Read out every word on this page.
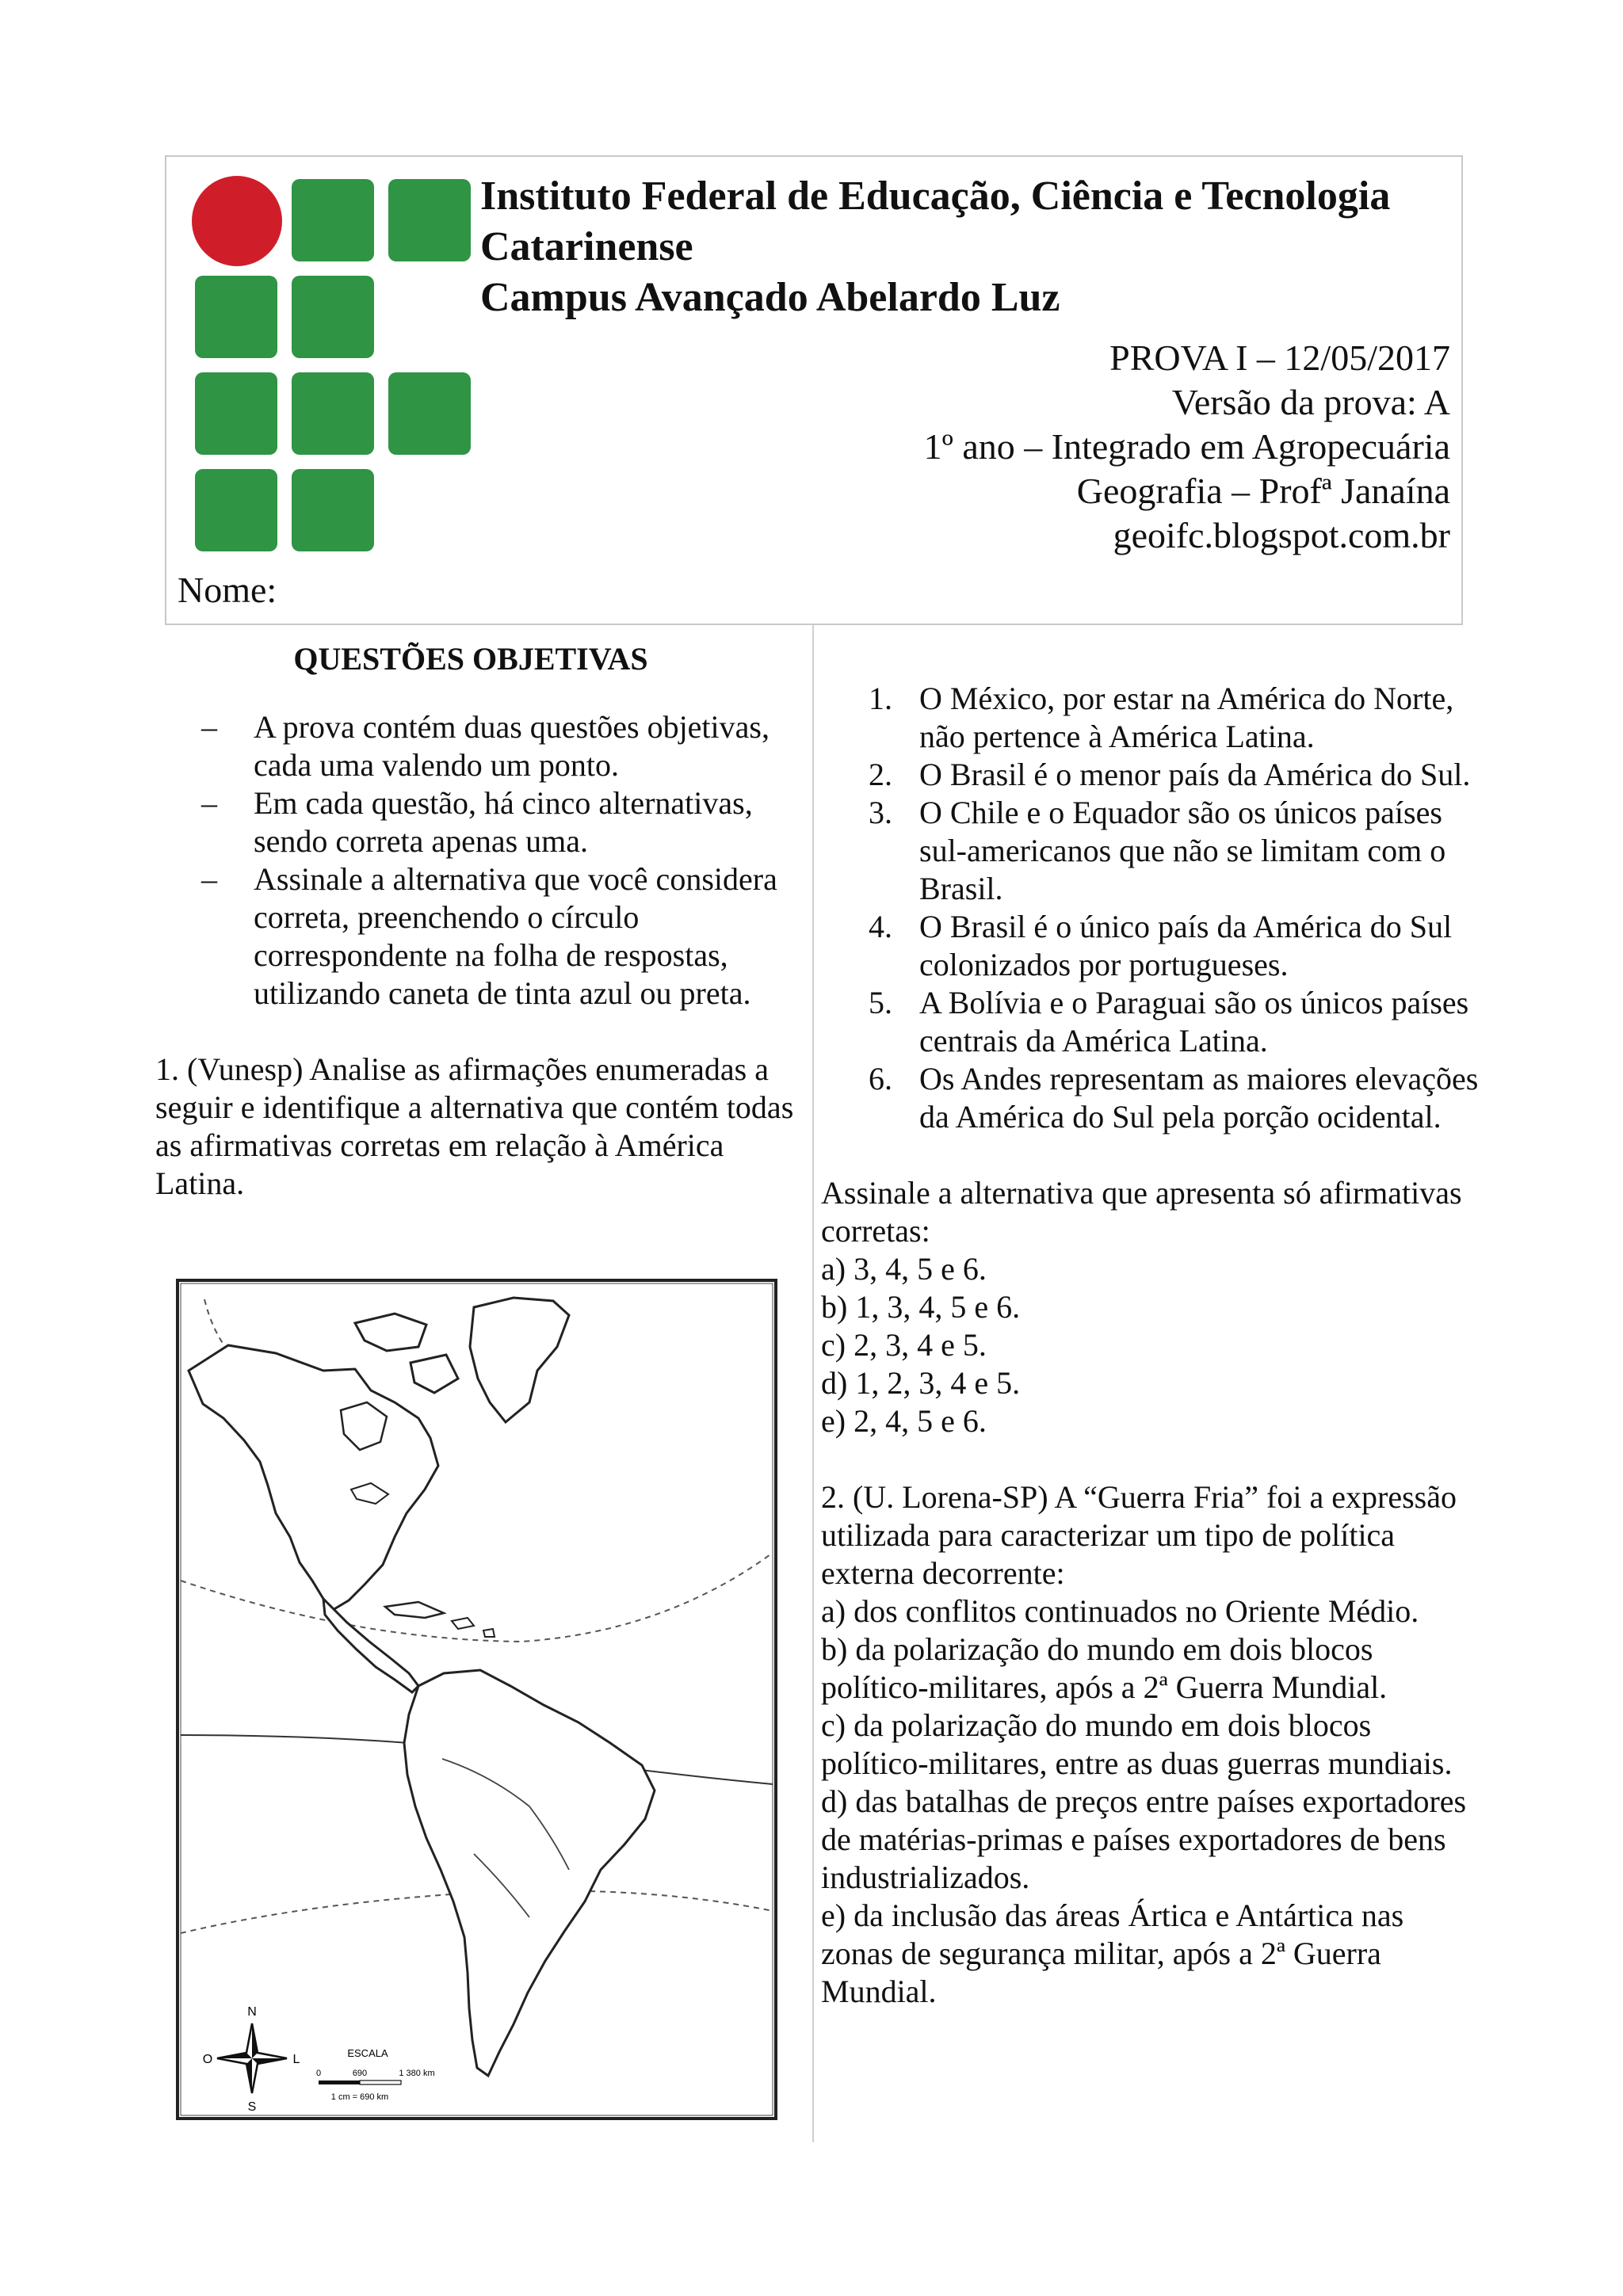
Instituto Federal de Educação, Ciência e Tecnologia
Catarinense
Campus Avançado Abelardo Luz
PROVA I – 12/05/2017
Versão da prova: A
1º ano – Integrado em Agropecuária
Geografia – Profª Janaína
geoifc.blogspot.com.br
Nome:
QUESTÕES OBJETIVAS
– A prova contém duas questões objetivas, cada uma valendo um ponto.
– Em cada questão, há cinco alternativas, sendo correta apenas uma.
– Assinale a alternativa que você considera correta, preenchendo o círculo correspondente na folha de respostas, utilizando caneta de tinta azul ou preta.
1. (Vunesp) Analise as afirmações enumeradas a seguir e identifique a alternativa que contém todas as afirmativas corretas em relação à América Latina.
N
S
L
O	ESCALA
0	690	1 380 km
1 cm = 690 km
1. O México, por estar na América do Norte, não pertence à América Latina.
2. O Brasil é o menor país da América do Sul.
3. O Chile e o Equador são os únicos países sul-americanos que não se limitam com o Brasil.
4. O Brasil é o único país da América do Sul colonizados por portugueses.
5. A Bolívia e o Paraguai são os únicos países centrais da América Latina.
6. Os Andes representam as maiores elevações da América do Sul pela porção ocidental.
Assinale a alternativa que apresenta só afirmativas corretas:
a) 3, 4, 5 e 6.
b) 1, 3, 4, 5 e 6.
c) 2, 3, 4 e 5.
d) 1, 2, 3, 4 e 5.
e) 2, 4, 5 e 6.
2. (U. Lorena-SP) A “Guerra Fria” foi a expressão utilizada para caracterizar um tipo de política externa decorrente:
a) dos conflitos continuados no Oriente Médio.
b) da polarização do mundo em dois blocos político-militares, após a 2ª Guerra Mundial.
c) da polarização do mundo em dois blocos político-militares, entre as duas guerras mundiais.
d) das batalhas de preços entre países exportadores de matérias-primas e países exportadores de bens industrializados.
e) da inclusão das áreas Ártica e Antártica nas zonas de segurança militar, após a 2ª Guerra Mundial.
